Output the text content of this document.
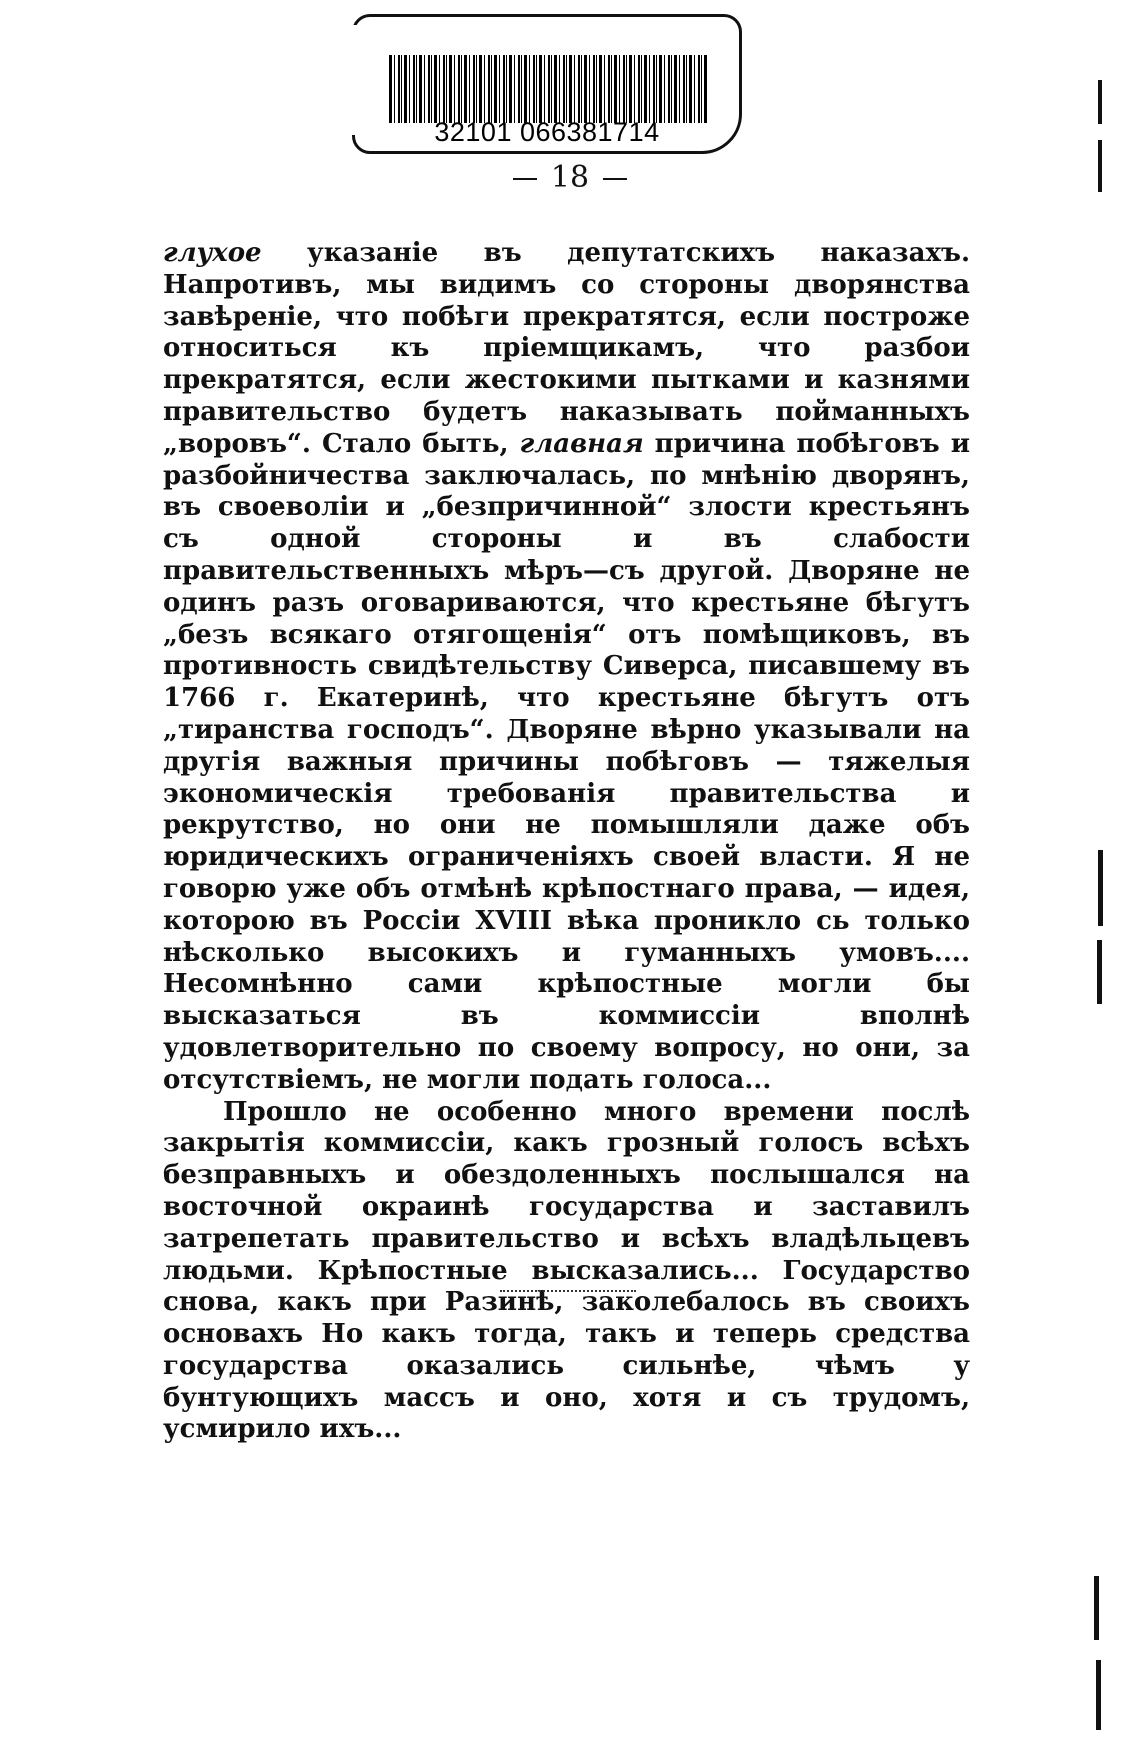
32101 066381714
18

глухое указанiе въ депутатскихъ наказахъ. Напротивъ, мы видимъ со стороны дворянства завѣренiе, что побѣги прекратятся, если построже относиться къ прiемщикамъ, что разбои прекратятся, если жестокими пытками и казнями правительство будетъ наказывать пойманныхъ „воровъ“. Стало быть, главная причина побѣговъ и разбойничества заключалась, по мнѣнiю дворянъ, въ своеволiи и „безпричинной“ злости крестьянъ съ одной стороны и въ слабости правительственныхъ мѣръ—съ другой. Дворяне не одинъ разъ оговариваются, что крестьяне бѣгутъ „безъ всякаго отягощенiя“ отъ помѣщиковъ, въ противность свидѣтельству Сиверса, писавшему въ 1766 г. Екатеринѣ, что крестьяне бѣгутъ отъ „тиранства господъ“. Дворяне вѣрно указывали на другiя важныя причины побѣговъ — тяжелыя экономическiя требованiя правительства и рекрутство, но они не помышляли даже объ юридическихъ ограниченiяхъ своей власти. Я не говорю уже объ отмѣнѣ крѣпостнаго права, — идея, которою въ Россiи XVIII вѣка проникло сь только нѣсколько высокихъ и гуманныхъ умовъ.... Несомнѣнно сами крѣпостные могли бы высказаться въ коммиссiи вполнѣ удовлетворительно по своему вопросу, но они, за отсутствiемъ, не могли подать голоса...

Прошло не особенно много времени послѣ закрытiя коммиссiи, какъ грозный голосъ всѣхъ безправныхъ и обездоленныхъ послышался на восточной окраинѣ государства и заставилъ затрепетать правительство и всѣхъ владѣльцевъ людьми. Крѣпостные высказались... Государство снова, какъ при Разинѣ, заколебалось въ своихъ основахъ Но какъ тогда, такъ и теперь средства государства оказались сильнѣе, чѣмъ у бунтующихъ массъ и оно, хотя и съ трудомъ, усмирило ихъ...
